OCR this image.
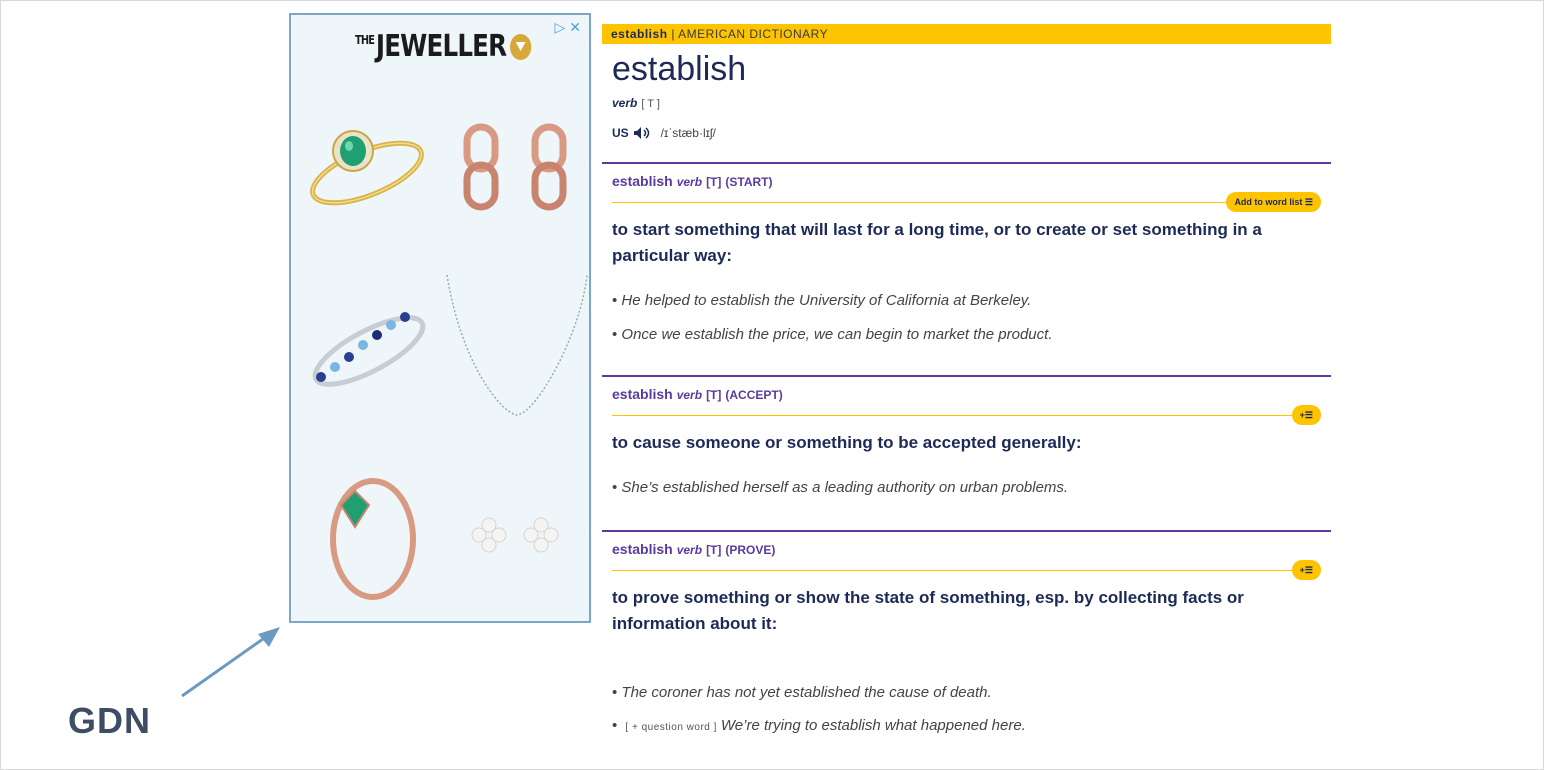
▷✕
THE JEWELLER	establish | AMERICAN DICTIONARY
establish
verb [ T ]
US	/ɪˈstæb·lɪʃ/
establish verb [T] (START)
Add to word list ☰
to start something that will last for a long time, or to create or set something in a particular way:
• He helped to establish the University of California at Berkeley.
• Once we establish the price, we can begin to market the product.
establish verb [T] (ACCEPT)
+☰
to cause someone or something to be accepted generally:
• She’s established herself as a leading authority on urban problems.
establish verb [T] (PROVE)
+☰
to prove something or show the state of something, esp. by collecting facts or information about it:
• The coroner has not yet established the cause of death.
• [ + question word ] We’re trying to establish what happened here.
GDN
